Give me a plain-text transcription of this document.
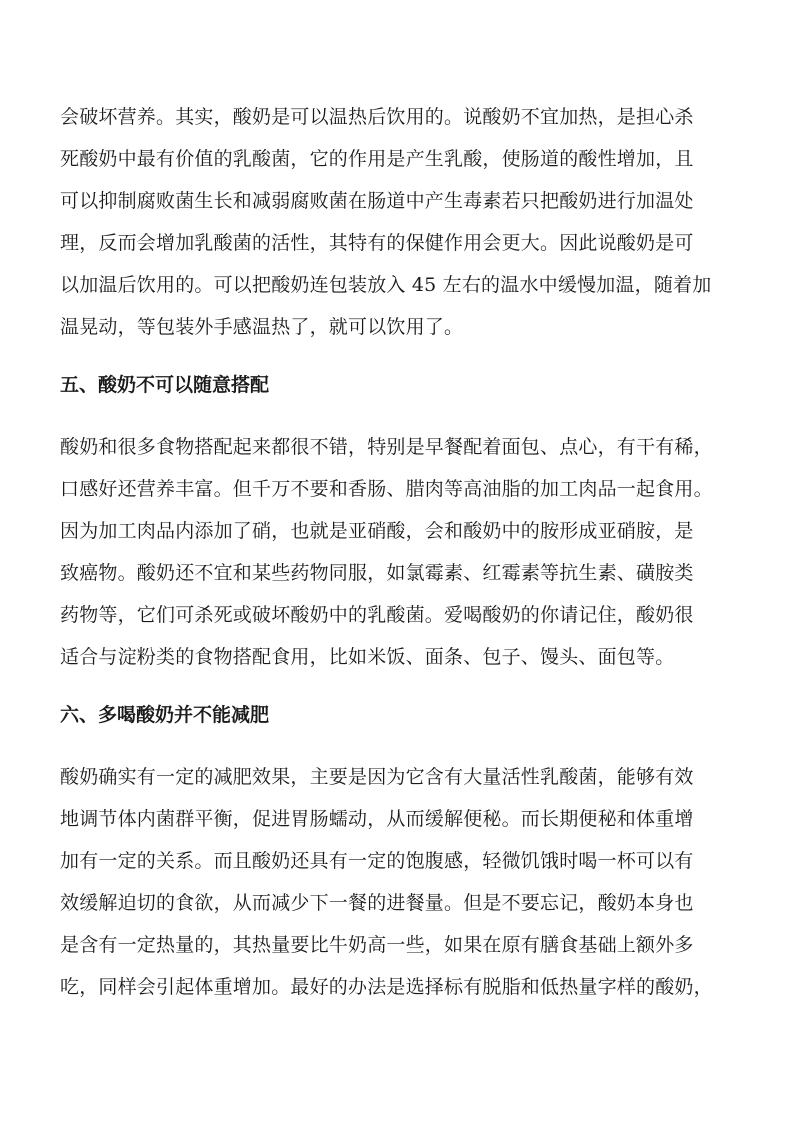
会破坏营养。其实，酸奶是可以温热后饮用的。说酸奶不宜加热，是担心杀
死酸奶中最有价值的乳酸菌，它的作用是产生乳酸，使肠道的酸性增加，且
可以抑制腐败菌生长和减弱腐败菌在肠道中产生毒素若只把酸奶进行加温处
理，反而会增加乳酸菌的活性，其特有的保健作用会更大。因此说酸奶是可
以加温后饮用的。可以把酸奶连包装放入 45 左右的温水中缓慢加温，随着加
温晃动，等包装外手感温热了，就可以饮用了。
五、酸奶不可以随意搭配
酸奶和很多食物搭配起来都很不错，特别是早餐配着面包、点心，有干有稀，
口感好还营养丰富。但千万不要和香肠、腊肉等高油脂的加工肉品一起食用。
因为加工肉品内添加了硝，也就是亚硝酸，会和酸奶中的胺形成亚硝胺，是
致癌物。酸奶还不宜和某些药物同服，如氯霉素、红霉素等抗生素、磺胺类
药物等，它们可杀死或破坏酸奶中的乳酸菌。爱喝酸奶的你请记住，酸奶很
适合与淀粉类的食物搭配食用，比如米饭、面条、包子、馒头、面包等。
六、多喝酸奶并不能减肥
酸奶确实有一定的减肥效果，主要是因为它含有大量活性乳酸菌，能够有效
地调节体内菌群平衡，促进胃肠蠕动，从而缓解便秘。而长期便秘和体重增
加有一定的关系。而且酸奶还具有一定的饱腹感，轻微饥饿时喝一杯可以有
效缓解迫切的食欲，从而减少下一餐的进餐量。但是不要忘记，酸奶本身也
是含有一定热量的，其热量要比牛奶高一些，如果在原有膳食基础上额外多
吃，同样会引起体重增加。最好的办法是选择标有脱脂和低热量字样的酸奶，
